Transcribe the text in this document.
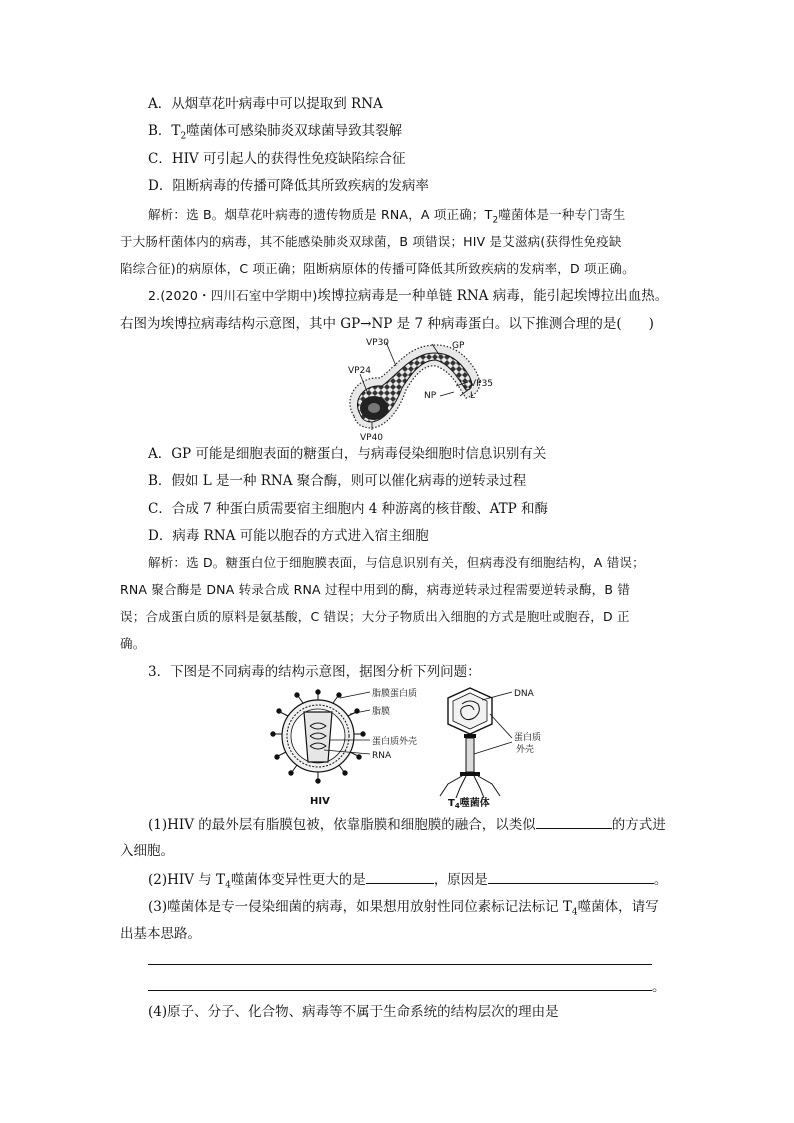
A．从烟草花叶病毒中可以提取到 RNA
B．$T_2$噬菌体可感染肺炎双球菌导致其裂解
C．HIV 可引起人的获得性免疫缺陷综合征
D．阻断病毒的传播可降低其所致疾病的发病率
解析：选 B。烟草花叶病毒的遗传物质是 RNA，A 项正确；$T_2$噬菌体是一种专门寄生
于大肠杆菌体内的病毒，其不能感染肺炎双球菌，B 项错误；HIV 是艾滋病(获得性免疫缺
陷综合征)的病原体，C 项正确；阻断病原体的传播可降低其所致疾病的发病率，D 项正确。
2.(2020・四川石室中学期中)埃博拉病毒是一种单链 RNA 病毒，能引起埃博拉出血热。
右图为埃博拉病毒结构示意图，其中 GP→NP 是 7 种病毒蛋白。以下推测合理的是(　　)
VP30	GP
VP24
VP35
NP	L
VP40
A．GP 可能是细胞表面的糖蛋白，与病毒侵染细胞时信息识别有关
B．假如 L 是一种 RNA 聚合酶，则可以催化病毒的逆转录过程
C．合成 7 种蛋白质需要宿主细胞内 4 种游离的核苷酸、ATP 和酶
D．病毒 RNA 可能以胞吞的方式进入宿主细胞
解析：选 D。糖蛋白位于细胞膜表面，与信息识别有关，但病毒没有细胞结构，A 错误；
RNA 聚合酶是 DNA 转录合成 RNA 过程中用到的酶，病毒逆转录过程需要逆转录酶，B 错
误；合成蛋白质的原料是氨基酸，C 错误；大分子物质出入细胞的方式是胞吐或胞吞，D 正
确。
3．下图是不同病毒的结构示意图，据图分析下列问题：
脂膜蛋白质
脂膜
蛋白质外壳
RNA
HIV
DNA
蛋白质
外壳
$T_4$噬菌体
(1)HIV 的最外层有脂膜包被，依靠脂膜和细胞膜的融合，以类似	的方式进
入细胞。
(2)HIV 与 $T_4$噬菌体变异性更大的是	，原因是	。
(3)噬菌体是专一侵染细菌的病毒，如果想用放射性同位素标记法标记 $T_4$噬菌体，请写
出基本思路。
。
(4)原子、分子、化合物、病毒等不属于生命系统的结构层次的理由是
